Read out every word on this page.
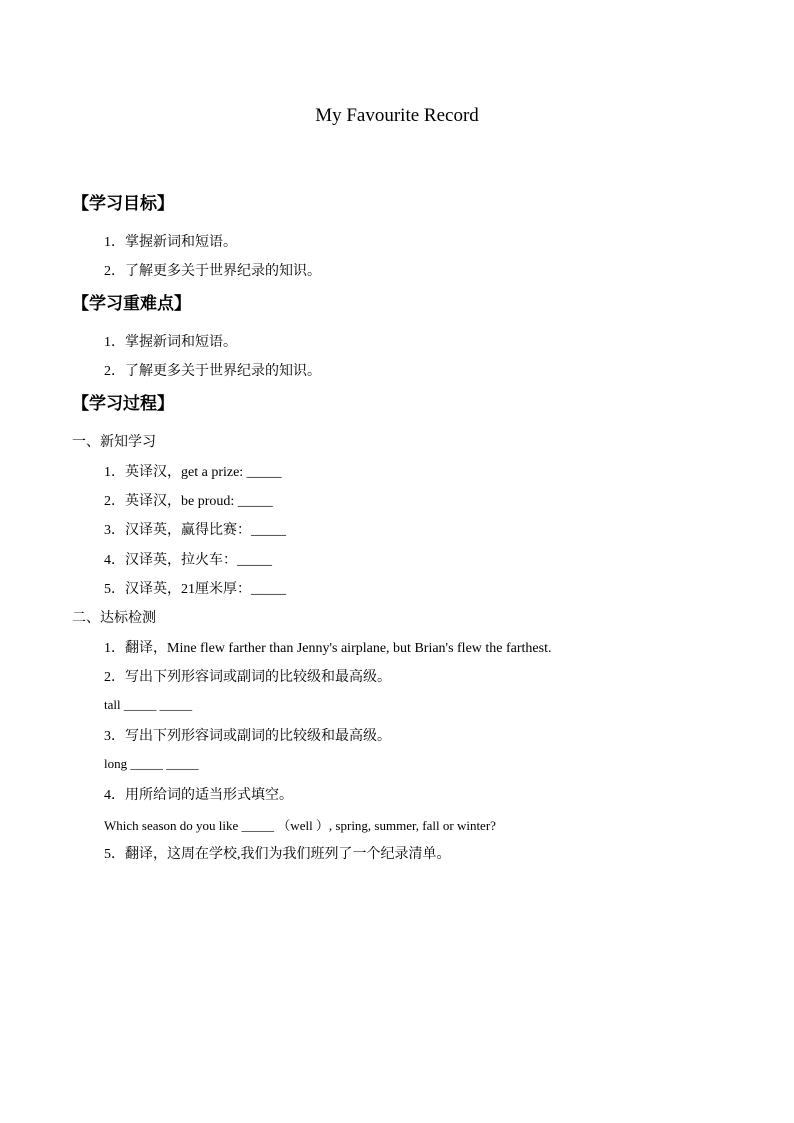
My Favourite Record
【学习目标】
1．掌握新词和短语。
2．了解更多关于世界纪录的知识。
【学习重难点】
1．掌握新词和短语。
2．了解更多关于世界纪录的知识。
【学习过程】
一、新知学习
1．英译汉，get a prize: _____
2．英译汉，be proud: _____
3．汉译英，赢得比赛：_____
4．汉译英，拉火车：_____
5．汉译英，21厘米厚：_____
二、达标检测
1．翻译，Mine flew farther than Jenny's airplane, but Brian's flew the farthest.
2．写出下列形容词或副词的比较级和最高级。
tall _____ _____
3．写出下列形容词或副词的比较级和最高级。
long _____ _____
4．用所给词的适当形式填空。
Which season do you like _____ （well ）, spring, summer, fall or winter?
5．翻译，这周在学校,我们为我们班列了一个纪录清单。
